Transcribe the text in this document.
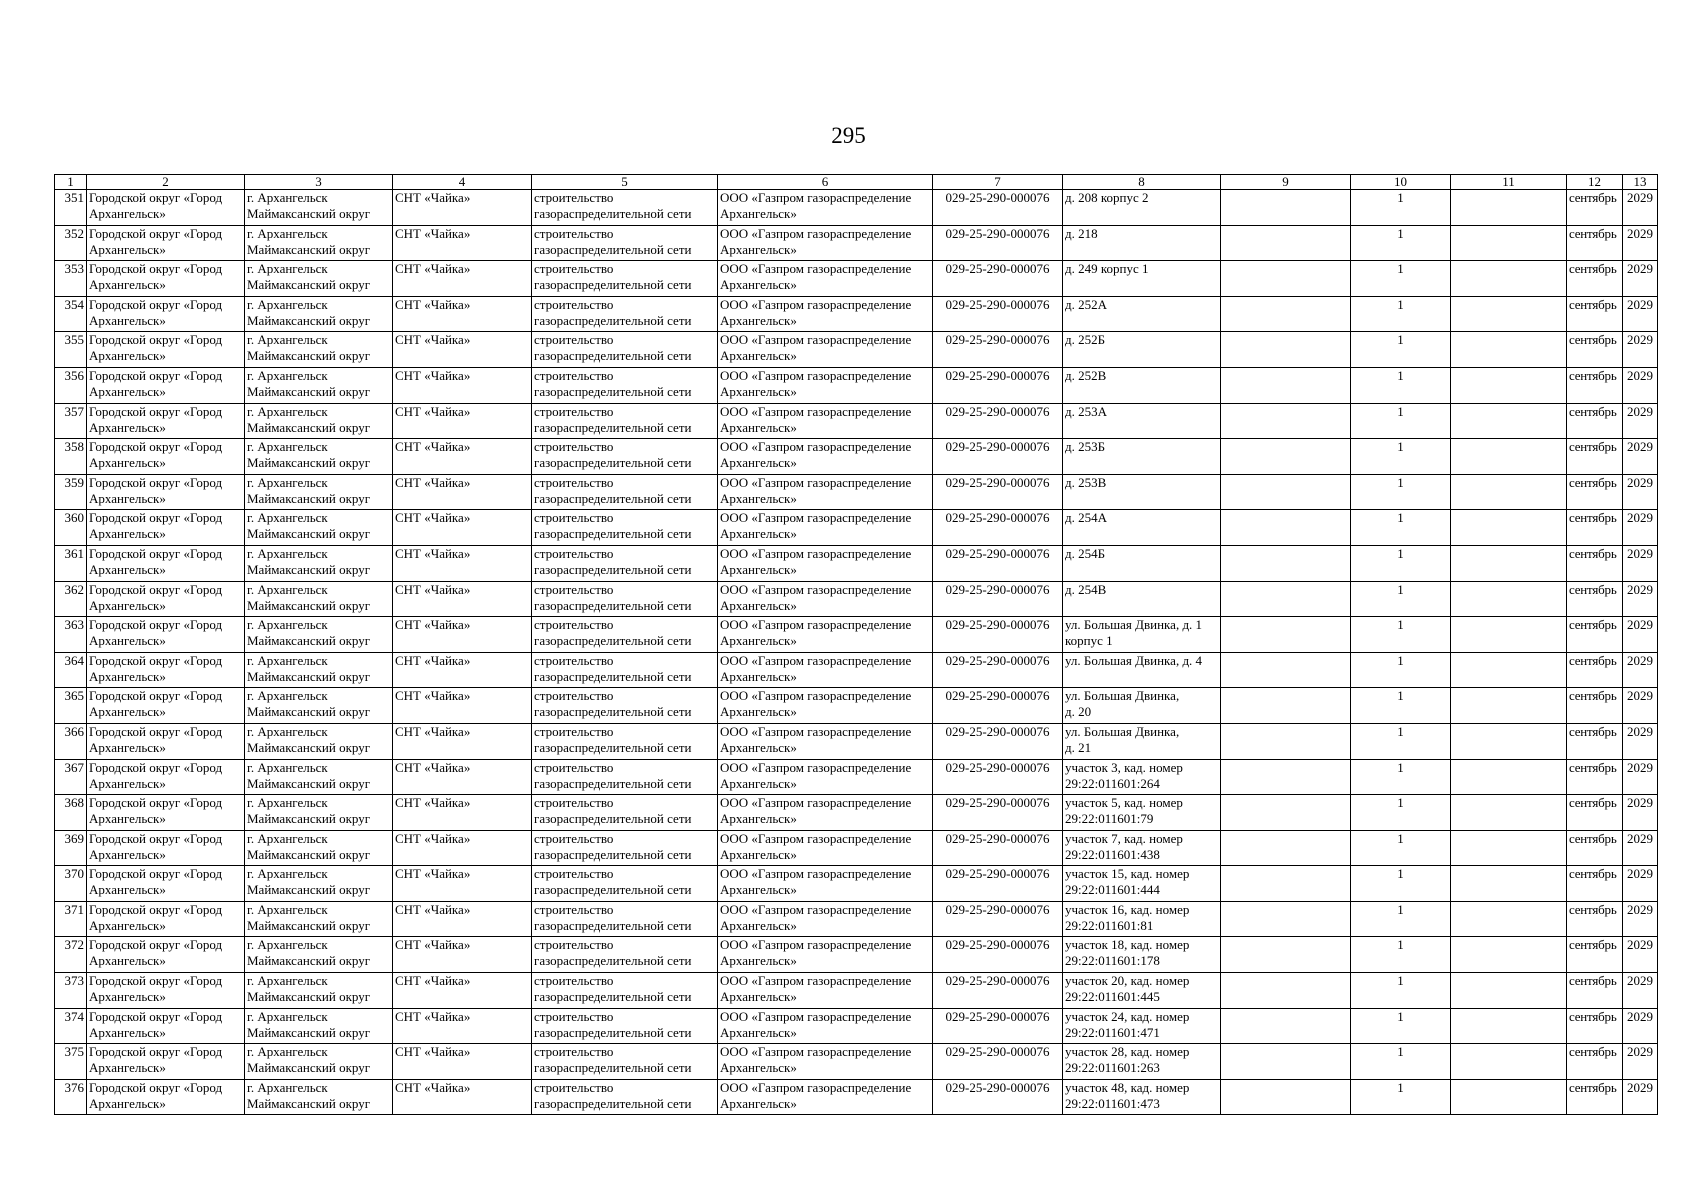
295
1	2	3	4	5	6	7	8	9	10	11	12	13

351	Городской округ «Город
Архангельск»	г. Архангельск
Маймаксанский округ	СНТ «Чайка»	строительство
газораспределительной сети	ООО «Газпром газораспределение
Архангельск»	029-25-290-000076	д. 208 корпус 2		1		сентябрь	2029

352	Городской округ «Город
Архангельск»	г. Архангельск
Маймаксанский округ	СНТ «Чайка»	строительство
газораспределительной сети	ООО «Газпром газораспределение
Архангельск»	029-25-290-000076	д. 218		1		сентябрь	2029

353	Городской округ «Город
Архангельск»	г. Архангельск
Маймаксанский округ	СНТ «Чайка»	строительство
газораспределительной сети	ООО «Газпром газораспределение
Архангельск»	029-25-290-000076	д. 249 корпус 1		1		сентябрь	2029

354	Городской округ «Город
Архангельск»	г. Архангельск
Маймаксанский округ	СНТ «Чайка»	строительство
газораспределительной сети	ООО «Газпром газораспределение
Архангельск»	029-25-290-000076	д. 252А		1		сентябрь	2029

355	Городской округ «Город
Архангельск»	г. Архангельск
Маймаксанский округ	СНТ «Чайка»	строительство
газораспределительной сети	ООО «Газпром газораспределение
Архангельск»	029-25-290-000076	д. 252Б		1		сентябрь	2029

356	Городской округ «Город
Архангельск»	г. Архангельск
Маймаксанский округ	СНТ «Чайка»	строительство
газораспределительной сети	ООО «Газпром газораспределение
Архангельск»	029-25-290-000076	д. 252В		1		сентябрь	2029

357	Городской округ «Город
Архангельск»	г. Архангельск
Маймаксанский округ	СНТ «Чайка»	строительство
газораспределительной сети	ООО «Газпром газораспределение
Архангельск»	029-25-290-000076	д. 253А		1		сентябрь	2029

358	Городской округ «Город
Архангельск»	г. Архангельск
Маймаксанский округ	СНТ «Чайка»	строительство
газораспределительной сети	ООО «Газпром газораспределение
Архангельск»	029-25-290-000076	д. 253Б		1		сентябрь	2029

359	Городской округ «Город
Архангельск»	г. Архангельск
Маймаксанский округ	СНТ «Чайка»	строительство
газораспределительной сети	ООО «Газпром газораспределение
Архангельск»	029-25-290-000076	д. 253В		1		сентябрь	2029

360	Городской округ «Город
Архангельск»	г. Архангельск
Маймаксанский округ	СНТ «Чайка»	строительство
газораспределительной сети	ООО «Газпром газораспределение
Архангельск»	029-25-290-000076	д. 254А		1		сентябрь	2029

361	Городской округ «Город
Архангельск»	г. Архангельск
Маймаксанский округ	СНТ «Чайка»	строительство
газораспределительной сети	ООО «Газпром газораспределение
Архангельск»	029-25-290-000076	д. 254Б		1		сентябрь	2029

362	Городской округ «Город
Архангельск»	г. Архангельск
Маймаксанский округ	СНТ «Чайка»	строительство
газораспределительной сети	ООО «Газпром газораспределение
Архангельск»	029-25-290-000076	д. 254В		1		сентябрь	2029

363	Городской округ «Город
Архангельск»	г. Архангельск
Маймаксанский округ	СНТ «Чайка»	строительство
газораспределительной сети	ООО «Газпром газораспределение
Архангельск»	029-25-290-000076	ул. Большая Двинка, д. 1
корпус 1		1		сентябрь	2029

364	Городской округ «Город
Архангельск»	г. Архангельск
Маймаксанский округ	СНТ «Чайка»	строительство
газораспределительной сети	ООО «Газпром газораспределение
Архангельск»	029-25-290-000076	ул. Большая Двинка, д. 4		1		сентябрь	2029

365	Городской округ «Город
Архангельск»	г. Архангельск
Маймаксанский округ	СНТ «Чайка»	строительство
газораспределительной сети	ООО «Газпром газораспределение
Архангельск»	029-25-290-000076	ул. Большая Двинка,
д. 20		1		сентябрь	2029

366	Городской округ «Город
Архангельск»	г. Архангельск
Маймаксанский округ	СНТ «Чайка»	строительство
газораспределительной сети	ООО «Газпром газораспределение
Архангельск»	029-25-290-000076	ул. Большая Двинка,
д. 21		1		сентябрь	2029

367	Городской округ «Город
Архангельск»	г. Архангельск
Маймаксанский округ	СНТ «Чайка»	строительство
газораспределительной сети	ООО «Газпром газораспределение
Архангельск»	029-25-290-000076	участок 3, кад. номер
29:22:011601:264		1		сентябрь	2029

368	Городской округ «Город
Архангельск»	г. Архангельск
Маймаксанский округ	СНТ «Чайка»	строительство
газораспределительной сети	ООО «Газпром газораспределение
Архангельск»	029-25-290-000076	участок 5, кад. номер
29:22:011601:79		1		сентябрь	2029

369	Городской округ «Город
Архангельск»	г. Архангельск
Маймаксанский округ	СНТ «Чайка»	строительство
газораспределительной сети	ООО «Газпром газораспределение
Архангельск»	029-25-290-000076	участок 7, кад. номер
29:22:011601:438		1		сентябрь	2029

370	Городской округ «Город
Архангельск»	г. Архангельск
Маймаксанский округ	СНТ «Чайка»	строительство
газораспределительной сети	ООО «Газпром газораспределение
Архангельск»	029-25-290-000076	участок 15, кад. номер
29:22:011601:444		1		сентябрь	2029

371	Городской округ «Город
Архангельск»	г. Архангельск
Маймаксанский округ	СНТ «Чайка»	строительство
газораспределительной сети	ООО «Газпром газораспределение
Архангельск»	029-25-290-000076	участок 16, кад. номер
29:22:011601:81		1		сентябрь	2029

372	Городской округ «Город
Архангельск»	г. Архангельск
Маймаксанский округ	СНТ «Чайка»	строительство
газораспределительной сети	ООО «Газпром газораспределение
Архангельск»	029-25-290-000076	участок 18, кад. номер
29:22:011601:178		1		сентябрь	2029

373	Городской округ «Город
Архангельск»	г. Архангельск
Маймаксанский округ	СНТ «Чайка»	строительство
газораспределительной сети	ООО «Газпром газораспределение
Архангельск»	029-25-290-000076	участок 20, кад. номер
29:22:011601:445		1		сентябрь	2029

374	Городской округ «Город
Архангельск»	г. Архангельск
Маймаксанский округ	СНТ «Чайка»	строительство
газораспределительной сети	ООО «Газпром газораспределение
Архангельск»	029-25-290-000076	участок 24, кад. номер
29:22:011601:471		1		сентябрь	2029

375	Городской округ «Город
Архангельск»	г. Архангельск
Маймаксанский округ	СНТ «Чайка»	строительство
газораспределительной сети	ООО «Газпром газораспределение
Архангельск»	029-25-290-000076	участок 28, кад. номер
29:22:011601:263		1		сентябрь	2029

376	Городской округ «Город
Архангельск»	г. Архангельск
Маймаксанский округ	СНТ «Чайка»	строительство
газораспределительной сети	ООО «Газпром газораспределение
Архангельск»	029-25-290-000076	участок 48, кад. номер
29:22:011601:473		1		сентябрь	2029
